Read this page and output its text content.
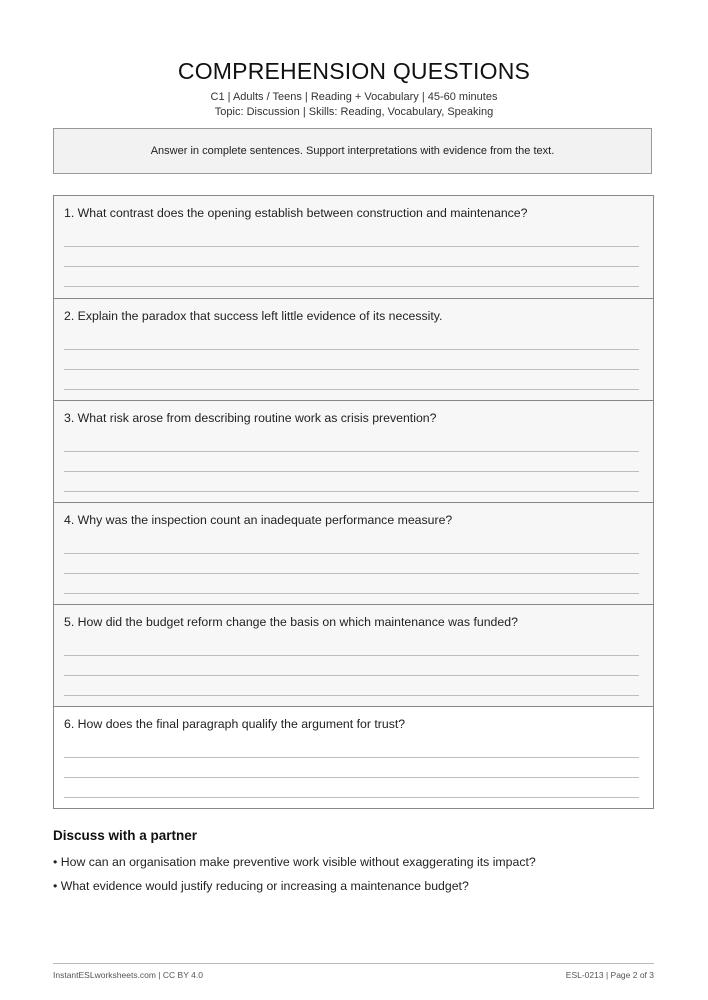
COMPREHENSION QUESTIONS
C1 | Adults / Teens | Reading + Vocabulary | 45-60 minutes
Topic: Discussion | Skills: Reading, Vocabulary, Speaking
Answer in complete sentences. Support interpretations with evidence from the text.
1. What contrast does the opening establish between construction and maintenance?
2. Explain the paradox that success left little evidence of its necessity.
3. What risk arose from describing routine work as crisis prevention?
4. Why was the inspection count an inadequate performance measure?
5. How did the budget reform change the basis on which maintenance was funded?
6. How does the final paragraph qualify the argument for trust?
Discuss with a partner
• How can an organisation make preventive work visible without exaggerating its impact?
• What evidence would justify reducing or increasing a maintenance budget?
InstantESLworksheets.com | CC BY 4.0	ESL-0213 | Page 2 of 3
